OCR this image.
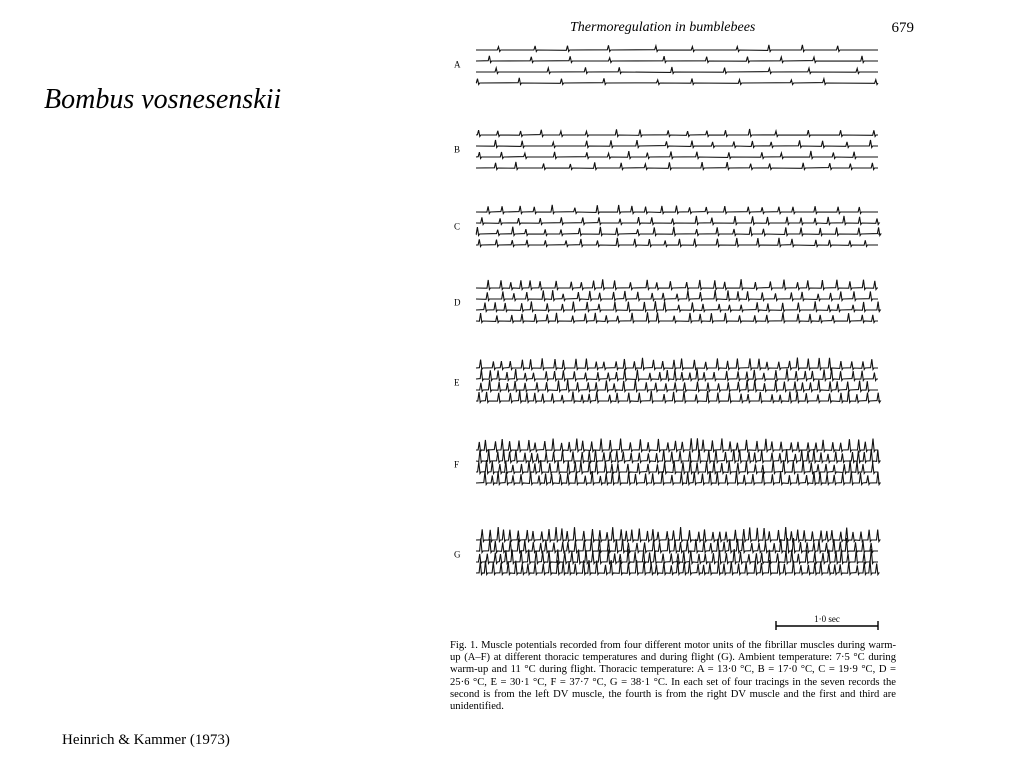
Bombus vosnesenskii
Thermoregulation in bumblebees	679
A
B
C
D
E
F
G
1·0 sec
Fig. 1. Muscle potentials recorded from four different motor units of the fibrillar muscles during warm-up (A–F) at different thoracic temperatures and during flight (G). Ambient temperature: 7·5 °C during warm-up and 11 °C during flight. Thoracic temperature: A = 13·0 °C, B = 17·0 °C, C = 19·9 °C, D = 25·6 °C, E = 30·1 °C, F = 37·7 °C, G = 38·1 °C. In each set of four tracings in the seven records the second is from the left DV muscle, the fourth is from the right DV muscle and the first and third are unidentified.
Heinrich & Kammer (1973)
